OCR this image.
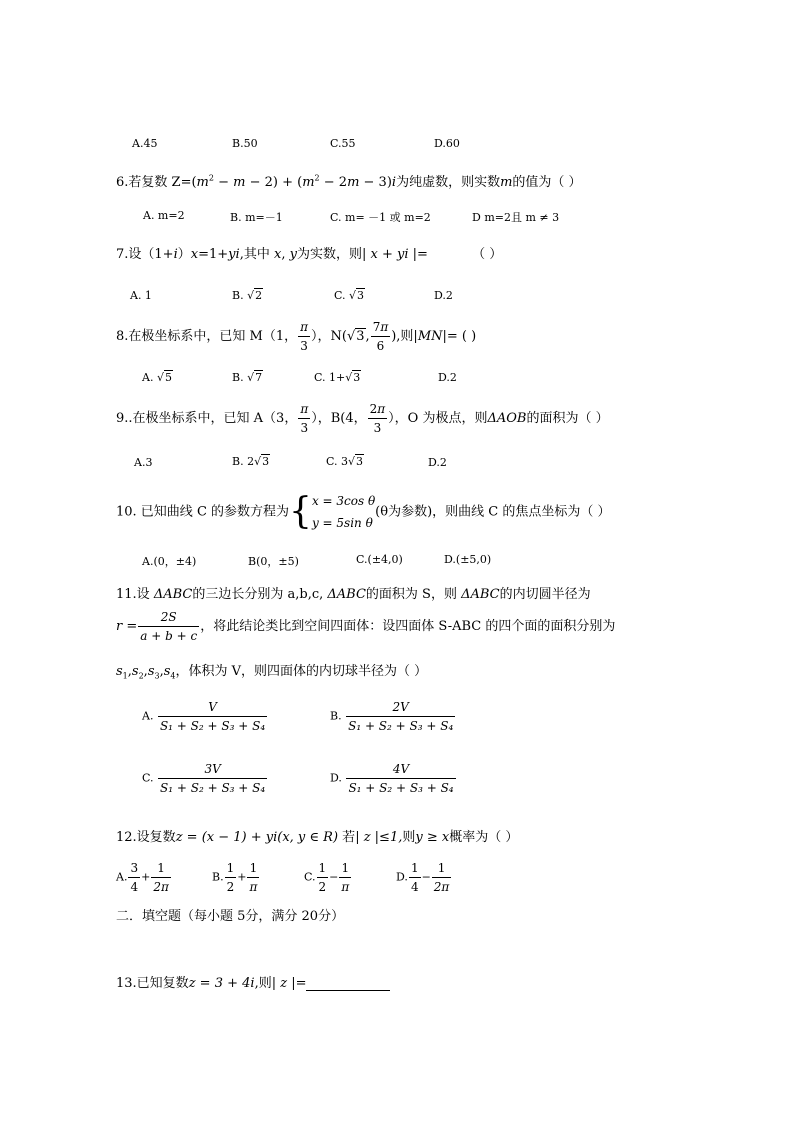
A.45	B.50	C.55	D.60
6.若复数 $Z=(m^2 - m - 2) + (m^2 - 2m - 3)i$为纯虚数，则实数m的值为（ ）
A. m=2	B. m=－1	C. m= －1 或 m=2	D m=2且 m ≠ 3
7.设（1+i）x=1+yi,其中 x, y为实数，则| x + yi |=	（ ）
A. 1	B. √2	C. √3	D.2
8.在极坐标系中，已知 M（1， $\frac{\pi}{3}$ ），N(√3, $\frac{7\pi}{6}$ ),则|MN|= ( )
A. √5	B. √7	C. 1+√3	D.2
9..在极坐标系中，已知 A（3， $\frac{\pi}{3}$ ），B(4， $\frac{2\pi}{3}$ ），O 为极点，则ΔAOB的面积为（ ）
A.3	B. 2√3	C. 3√3	D.2
10. 已知曲线 C 的参数方程为{x = 3cos θ
y = 5sin θ(θ为参数)，则曲线 C 的焦点坐标为（ ）
A.(0，±4)	B(0，±5)	C.(±4,0)	D.(±5,0)
11.设 ΔABC的三边长分别为 a,b,c, ΔABC的面积为 S，则 ΔABC的内切圆半径为
$r = \frac{2S}{a + b + c}$ ，将此结论类比到空间四面体：设四面体 S-ABC 的四个面的面积分别为
$s_1,s_2,s_3,s_4$，体积为 V，则四面体的内切球半径为（ ）
A. $\frac{V}{\text{S₁ + S₂ + S₃ + S₄}}$	B. $\frac{2V}{\text{S₁ + S₂ + S₃ + S₄}}$
C. $\frac{3V}{\text{S₁ + S₂ + S₃ + S₄}}$	D. $\frac{4V}{\text{S₁ + S₂ + S₃ + S₄}}$
12.设复数z = (x − 1) + yi(x, y ∈ R) 若| z |≤1,则y ≥ x概率为（ ）
A. $\frac{3}{4} + \frac{1}{2\pi}$	B. $\frac{1}{2} + \frac{1}{\pi}$	C. $\frac{1}{2} - \frac{1}{\pi}$	D. $\frac{1}{4} - \frac{1}{2\pi}$
二．填空题（每小题 5分，满分 20分）
13.已知复数z = 3 + 4i,则| z |=
